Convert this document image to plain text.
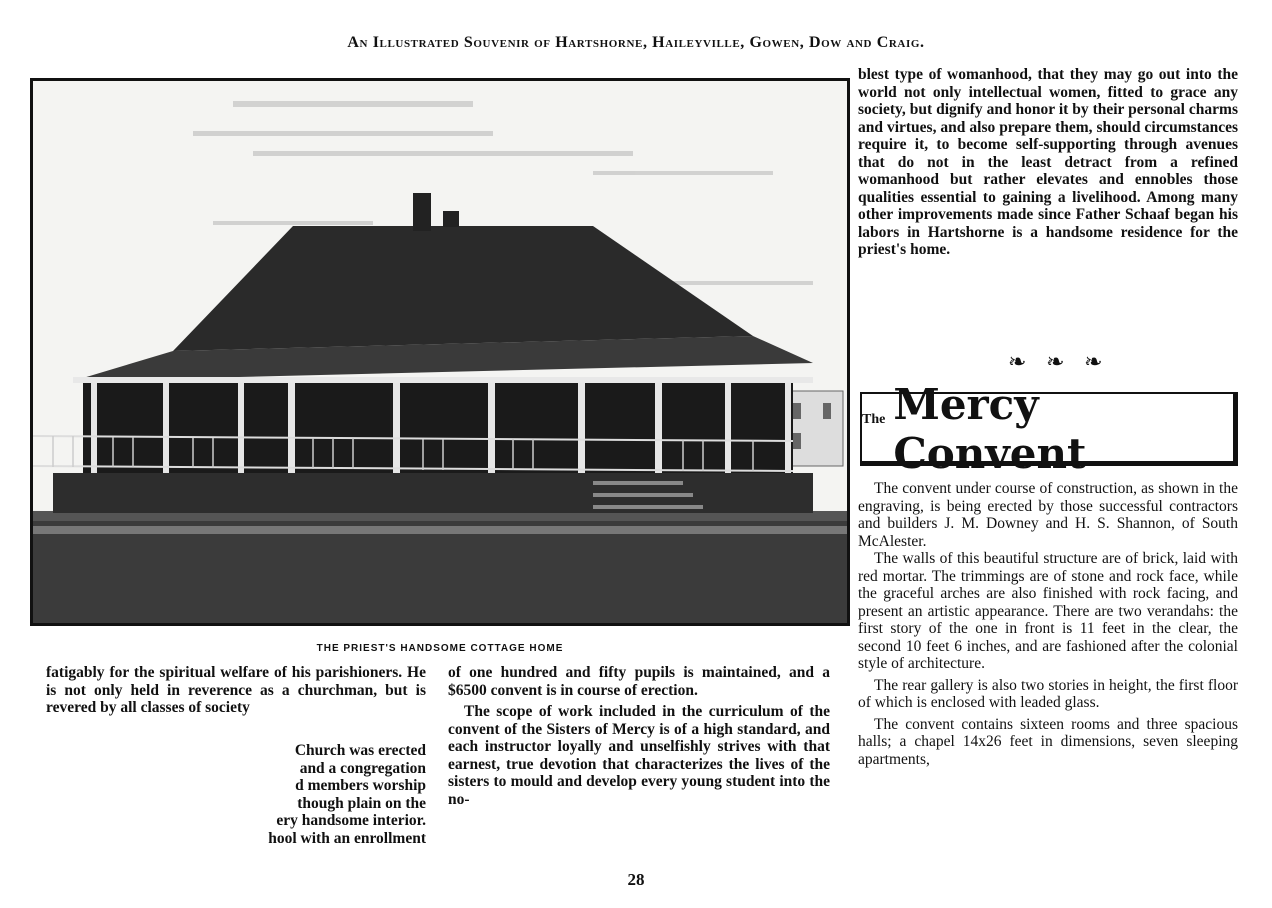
An Illustrated Souvenir of Hartshorne, Haileyville, Gowen, Dow and Craig.
THE PRIEST'S HANDSOME COTTAGE HOME

fatigably for the spiritual welfare of his parishioners. He is not only held in reverence as a churchman, but is revered by all classes of society

Church was erected
and a congregation
d members worship
though plain on the
ery handsome interior.
hool with an enrollment

of one hundred and fifty pupils is maintained, and a $6500 convent is in course of erection.

The scope of work included in the curriculum of the convent of the Sisters of Mercy is of a high standard, and each instructor loyally and unselfishly strives with that earnest, true devotion that characterizes the lives of the sisters to mould and develop every young student into the no-

blest type of womanhood, that they may go out into the world not only intellectual women, fitted to grace any society, but dignify and honor it by their personal charms and virtues, and also prepare them, should circumstances require it, to become self-supporting through avenues that do not in the least detract from a refined womanhood but rather elevates and ennobles those qualities essential to gaining a livelihood. Among many other improvements made since Father Schaaf began his labors in Hartshorne is a handsome residence for the priest's home.

❧ ❧ ❧
The Mercy Convent

The convent under course of construction, as shown in the engraving, is being erected by those successful contractors and builders J. M. Downey and H. S. Shannon, of South McAlester.

The walls of this beautiful structure are of brick, laid with red mortar. The trimmings are of stone and rock face, while the graceful arches are also finished with rock facing, and present an artistic appearance. There are two verandahs: the first story of the one in front is 11 feet in the clear, the second 10 feet 6 inches, and are fashioned after the colonial style of architecture.

The rear gallery is also two stories in height, the first floor of which is enclosed with leaded glass.

The convent contains sixteen rooms and three spacious halls; a chapel 14x26 feet in dimensions, seven sleeping apartments,

28
